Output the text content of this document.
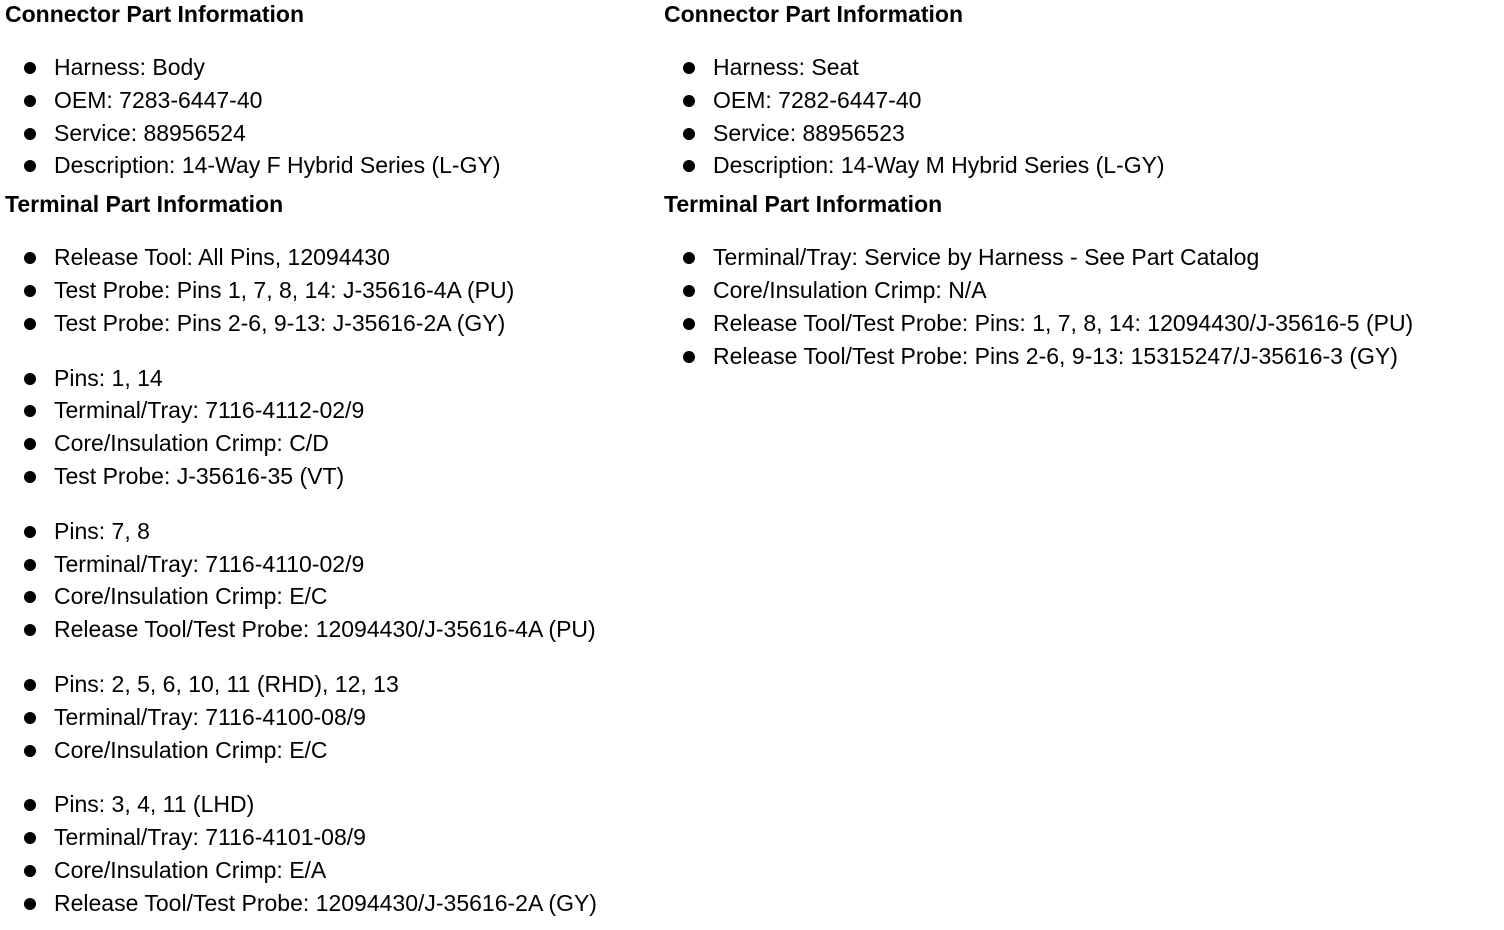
Connector Part Information
Harness: Body
OEM: 7283-6447-40
Service: 88956524
Description: 14-Way F Hybrid Series (L-GY)
Terminal Part Information
Release Tool: All Pins, 12094430
Test Probe: Pins 1, 7, 8, 14: J-35616-4A (PU)
Test Probe: Pins 2-6, 9-13: J-35616-2A (GY)
Pins: 1, 14
Terminal/Tray: 7116-4112-02/9
Core/Insulation Crimp: C/D
Test Probe: J-35616-35 (VT)
Pins: 7, 8
Terminal/Tray: 7116-4110-02/9
Core/Insulation Crimp: E/C
Release Tool/Test Probe: 12094430/J-35616-4A (PU)
Pins: 2, 5, 6, 10, 11 (RHD), 12, 13
Terminal/Tray: 7116-4100-08/9
Core/Insulation Crimp: E/C
Pins: 3, 4, 11 (LHD)
Terminal/Tray: 7116-4101-08/9
Core/Insulation Crimp: E/A
Release Tool/Test Probe: 12094430/J-35616-2A (GY)
Connector Part Information
Harness: Seat
OEM: 7282-6447-40
Service: 88956523
Description: 14-Way M Hybrid Series (L-GY)
Terminal Part Information
Terminal/Tray: Service by Harness - See Part Catalog
Core/Insulation Crimp: N/A
Release Tool/Test Probe: Pins: 1, 7, 8, 14: 12094430/J-35616-5 (PU)
Release Tool/Test Probe: Pins 2-6, 9-13: 15315247/J-35616-3 (GY)
